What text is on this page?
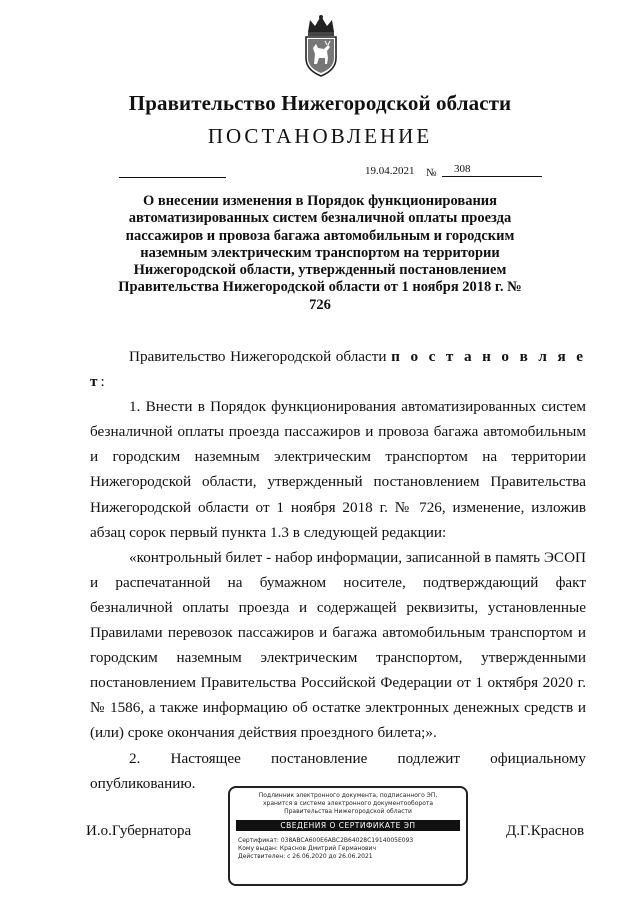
Правительство Нижегородской области
ПОСТАНОВЛЕНИЕ
19.04.2021 №	308
О внесении изменения в Порядок функционирования автоматизированных систем безналичной оплаты проезда пассажиров и провоза багажа автомобильным и городским наземным электрическим транспортом на территории Нижегородской области, утвержденный постановлением Правительства Нижегородской области от 1 ноября 2018 г. № 726

Правительство Нижегородской области п о с т а н о в л я е т:

1. Внести в Порядок функционирования автоматизированных систем безналичной оплаты проезда пассажиров и провоза багажа автомобильным и городским наземным электрическим транспортом на территории Нижегородской области, утвержденный постановлением Правительства Нижегородской области от 1 ноября 2018 г. № 726, изменение, изложив абзац сорок первый пункта 1.3 в следующей редакции:

«контрольный билет - набор информации, записанной в память ЭСОП и распечатанной на бумажном носителе, подтверждающий факт безналичной оплаты проезда и содержащей реквизиты, установленные Правилами перевозок пассажиров и багажа автомобильным транспортом и городским наземным электрическим транспортом, утвержденными постановлением Правительства Российской Федерации от 1 октября 2020 г. № 1586, а также информацию об остатке электронных денежных средств и (или) сроке окончания действия проездного билета;».

2. Настоящее постановление подлежит официальному

опубликованию.

И.о.Губернатора	Д.Г.Краснов
Подлинник электронного документа, подписанного ЭП,
хранится в системе электронного документооборота
Правительства Нижегородской области
СВЕДЕНИЯ О СЕРТИФИКАТЕ ЭП
Сертификат: 038ABCA600E6ABC2B64028C1914005E093
Кому выдан: Краснов Дмитрий Германович
Действителен: с 26.06.2020 до 26.06.2021
